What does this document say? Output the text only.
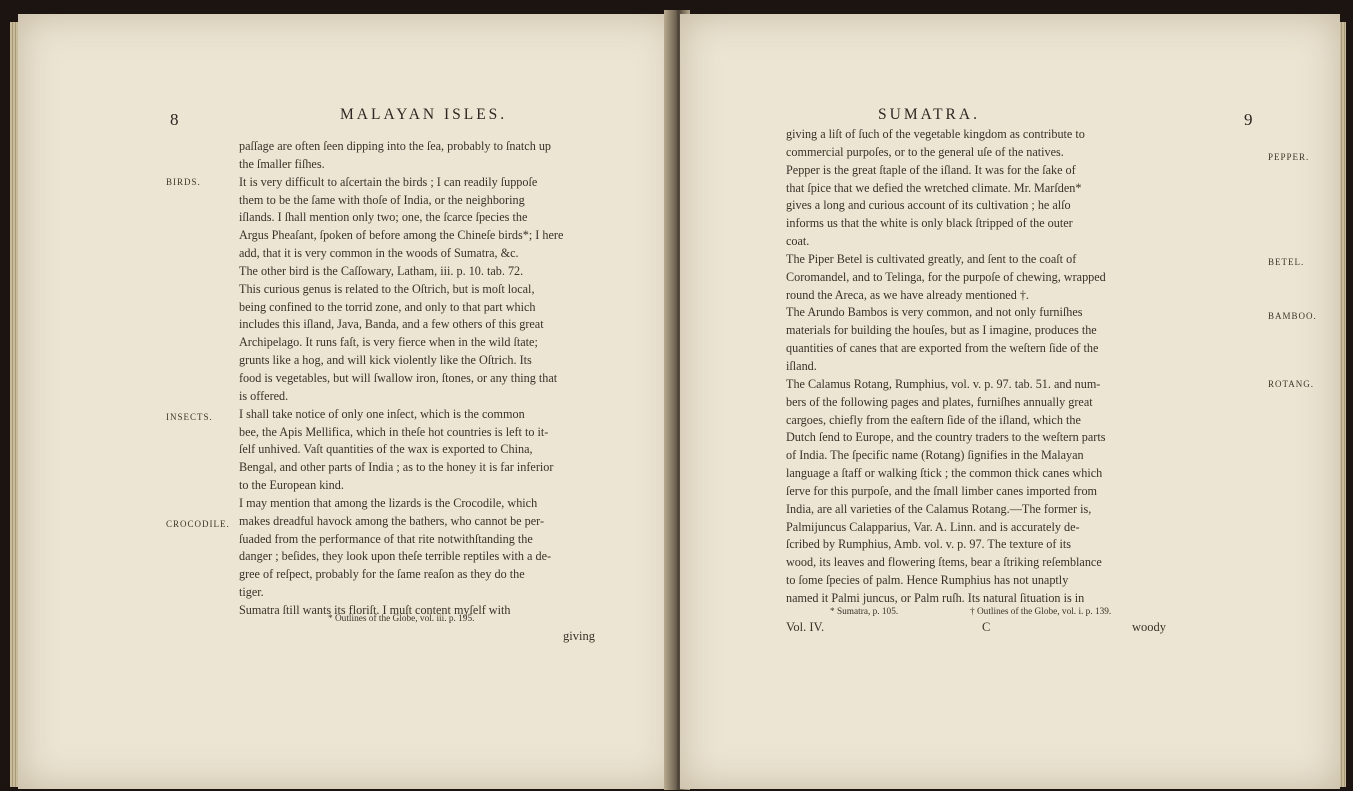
8	MALAYAN ISLES.
BIRDS.
INSECTS.
CROCODILE.
paſſage are often ſeen dipping into the ſea, probably to ſnatch up
the ſmaller fiſhes.
It is very difficult to aſcertain the birds ; I can readily ſuppoſe
them to be the ſame with thoſe of India, or the neighboring
iſlands. I ſhall mention only two; one, the ſcarce ſpecies the
Argus Pheaſant, ſpoken of before among the Chineſe birds*; I here
add, that it is very common in the woods of Sumatra, &c.
The other bird is the Caſſowary, Latham, iii. p. 10. tab. 72.
This curious genus is related to the Oſtrich, but is moſt local,
being confined to the torrid zone, and only to that part which
includes this iſland, Java, Banda, and a few others of this great
Archipelago. It runs faſt, is very fierce when in the wild ſtate;
grunts like a hog, and will kick violently like the Oſtrich. Its
food is vegetables, but will ſwallow iron, ſtones, or any thing that
is offered.
I shall take notice of only one inſect, which is the common
bee, the Apis Mellifica, which in theſe hot countries is left to it-
ſelf unhived. Vaſt quantities of the wax is exported to China,
Bengal, and other parts of India ; as to the honey it is far inferior
to the European kind.
I may mention that among the lizards is the Crocodile, which
makes dreadful havock among the bathers, who cannot be per-
ſuaded from the performance of that rite notwithſtanding the
danger ; beſides, they look upon theſe terrible reptiles with a de-
gree of reſpect, probably for the ſame reaſon as they do the
tiger.
Sumatra ſtill wants its floriſt. I muſt content myſelf with
* Outlines of the Globe, vol. iii. p. 195.
giving
SUMATRA.	9
PEPPER.
BETEL.
BAMBOO.
ROTANG.
giving a liſt of ſuch of the vegetable kingdom as contribute to
commercial purpoſes, or to the general uſe of the natives.
Pepper is the great ſtaple of the iſland. It was for the ſake of
that ſpice that we defied the wretched climate. Mr. Marſden*
gives a long and curious account of its cultivation ; he alſo
informs us that the white is only black ſtripped of the outer
coat.
The Piper Betel is cultivated greatly, and ſent to the coaſt of
Coromandel, and to Telinga, for the purpoſe of chewing, wrapped
round the Areca, as we have already mentioned †.
The Arundo Bambos is very common, and not only furniſhes
materials for building the houſes, but as I imagine, produces the
quantities of canes that are exported from the weſtern ſide of the
iſland.
The Calamus Rotang, Rumphius, vol. v. p. 97. tab. 51. and num-
bers of the following pages and plates, furniſhes annually great
cargoes, chiefly from the eaſtern ſide of the iſland, which the
Dutch ſend to Europe, and the country traders to the weſtern parts
of India. The ſpecific name (Rotang) ſignifies in the Malayan
language a ſtaff or walking ſtick ; the common thick canes which
ſerve for this purpoſe, and the ſmall limber canes imported from
India, are all varieties of the Calamus Rotang.—The former is,
Palmijuncus Calapparius, Var. A. Linn. and is accurately de-
ſcribed by Rumphius, Amb. vol. v. p. 97. The texture of its
wood, its leaves and flowering ſtems, bear a ſtriking reſemblance
to ſome ſpecies of palm. Hence Rumphius has not unaptly
named it Palmi juncus, or Palm ruſh. Its natural ſituation is in
* Sumatra, p. 105.	† Outlines of the Globe, vol. i. p. 139.
Vol. IV.	C	woody
